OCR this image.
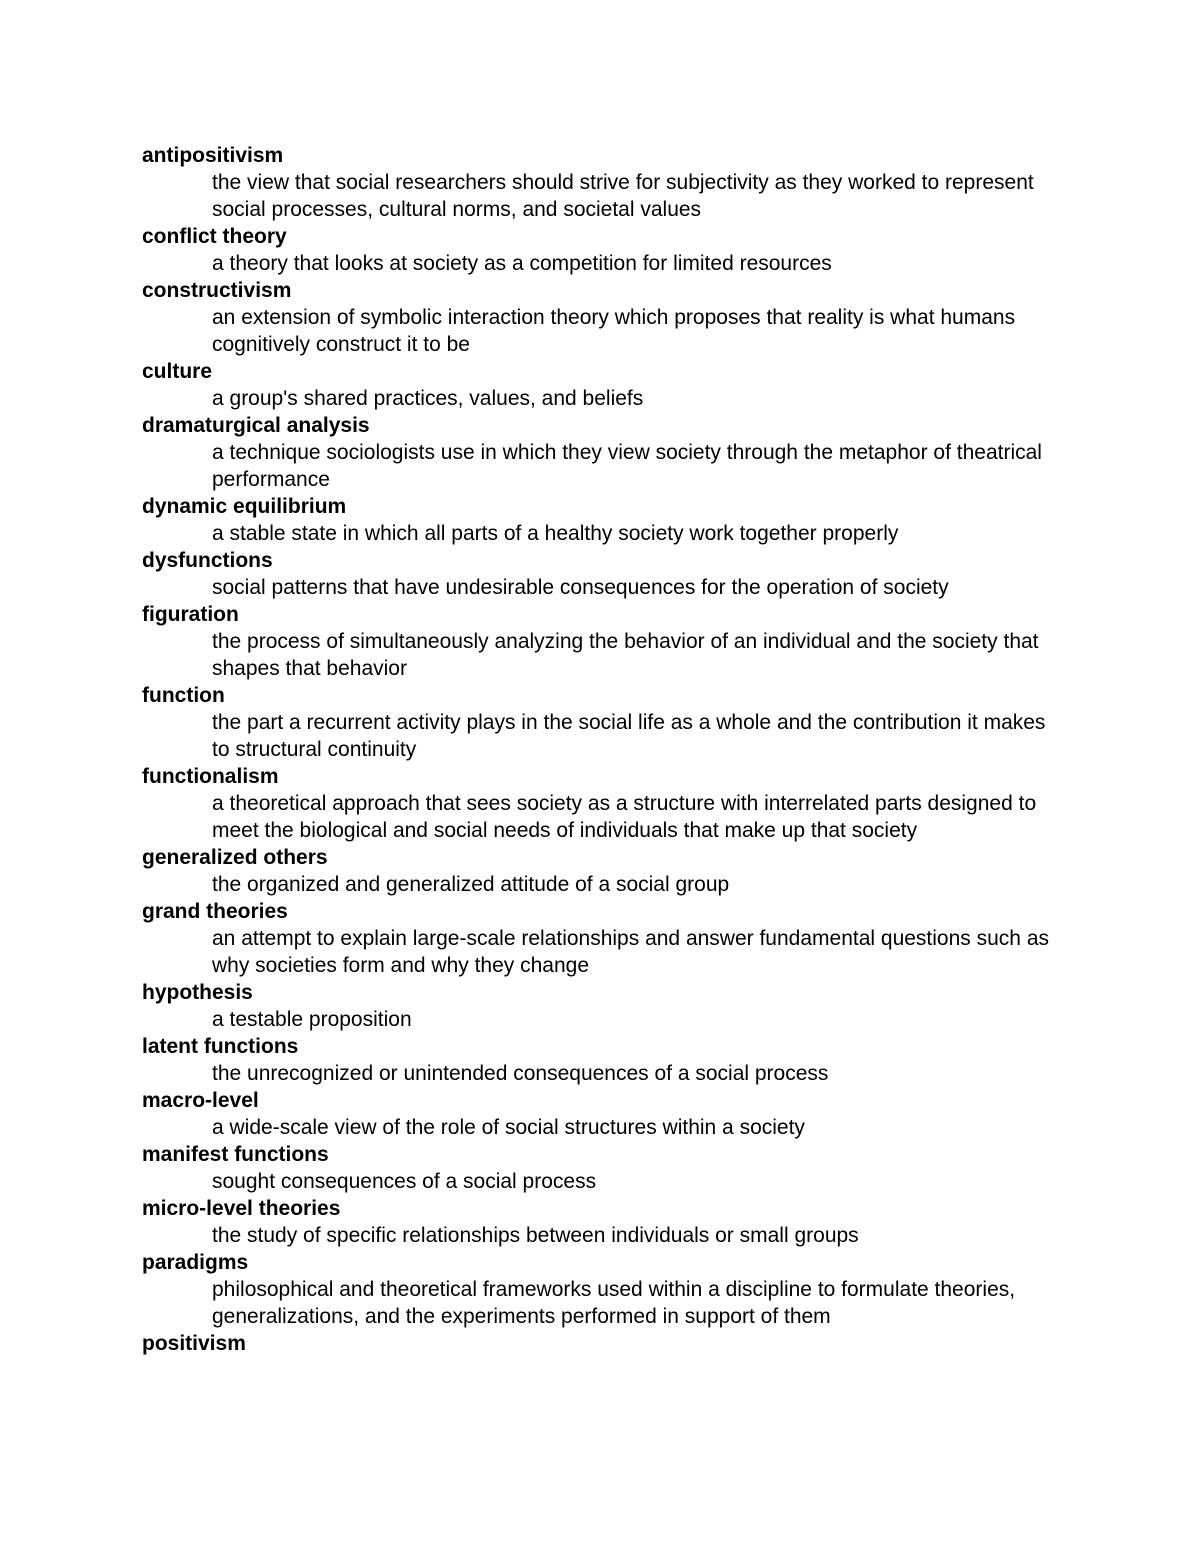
antipositivism
the view that social researchers should strive for subjectivity as they worked to represent social processes, cultural norms, and societal values
conflict theory
a theory that looks at society as a competition for limited resources
constructivism
an extension of symbolic interaction theory which proposes that reality is what humans cognitively construct it to be
culture
a group's shared practices, values, and beliefs
dramaturgical analysis
a technique sociologists use in which they view society through the metaphor of theatrical performance
dynamic equilibrium
a stable state in which all parts of a healthy society work together properly
dysfunctions
social patterns that have undesirable consequences for the operation of society
figuration
the process of simultaneously analyzing the behavior of an individual and the society that shapes that behavior
function
the part a recurrent activity plays in the social life as a whole and the contribution it makes to structural continuity
functionalism
a theoretical approach that sees society as a structure with interrelated parts designed to meet the biological and social needs of individuals that make up that society
generalized others
the organized and generalized attitude of a social group
grand theories
an attempt to explain large-scale relationships and answer fundamental questions such as why societies form and why they change
hypothesis
a testable proposition
latent functions
the unrecognized or unintended consequences of a social process
macro-level
a wide-scale view of the role of social structures within a society
manifest functions
sought consequences of a social process
micro-level theories
the study of specific relationships between individuals or small groups
paradigms
philosophical and theoretical frameworks used within a discipline to formulate theories, generalizations, and the experiments performed in support of them
positivism
